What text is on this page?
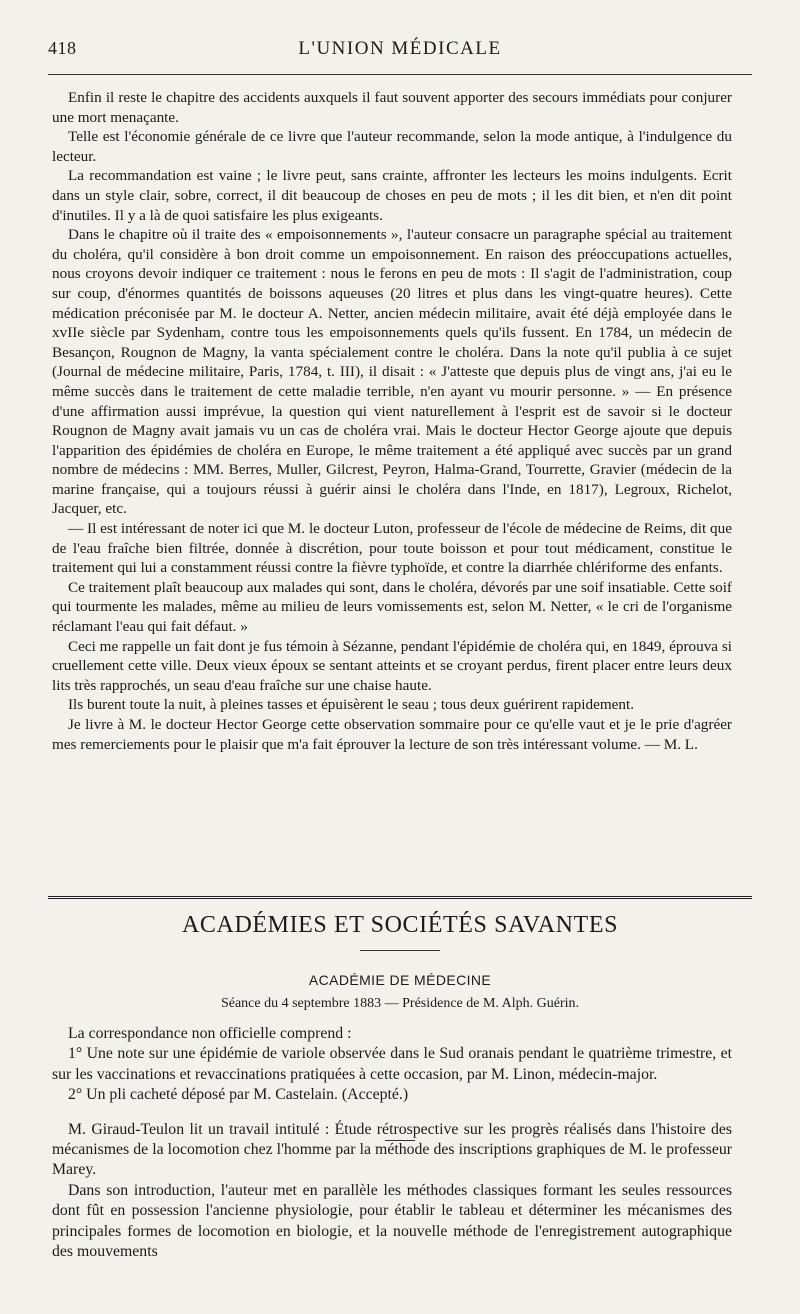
418	L'UNION MÉDICALE

Enfin il reste le chapitre des accidents auxquels il faut souvent apporter des secours immédiats pour conjurer une mort menaçante.

Telle est l'économie générale de ce livre que l'auteur recommande, selon la mode antique, à l'indulgence du lecteur.

La recommandation est vaine ; le livre peut, sans crainte, affronter les lecteurs les moins indulgents. Ecrit dans un style clair, sobre, correct, il dit beaucoup de choses en peu de mots ; il les dit bien, et n'en dit point d'inutiles. Il y a là de quoi satisfaire les plus exigeants.

Dans le chapitre où il traite des « empoisonnements », l'auteur consacre un paragraphe spécial au traitement du choléra, qu'il considère à bon droit comme un empoisonnement. En raison des préoccupations actuelles, nous croyons devoir indiquer ce traitement : nous le ferons en peu de mots : Il s'agit de l'administration, coup sur coup, d'énormes quantités de boissons aqueuses (20 litres et plus dans les vingt-quatre heures). Cette médication préconisée par M. le docteur A. Netter, ancien médecin militaire, avait été déjà employée dans le xvIIe siècle par Sydenham, contre tous les empoisonnements quels qu'ils fussent. En 1784, un médecin de Besançon, Rougnon de Magny, la vanta spécialement contre le choléra. Dans la note qu'il publia à ce sujet (Journal de médecine militaire, Paris, 1784, t. III), il disait : « J'atteste que depuis plus de vingt ans, j'ai eu le même succès dans le traitement de cette maladie terrible, n'en ayant vu mourir personne. » — En présence d'une affirmation aussi imprévue, la question qui vient naturellement à l'esprit est de savoir si le docteur Rougnon de Magny avait jamais vu un cas de choléra vrai. Mais le docteur Hector George ajoute que depuis l'apparition des épidémies de choléra en Europe, le même traitement a été appliqué avec succès par un grand nombre de médecins : MM. Berres, Muller, Gilcrest, Peyron, Halma-Grand, Tourrette, Gravier (médecin de la marine française, qui a toujours réussi à guérir ainsi le choléra dans l'Inde, en 1817), Legroux, Richelot, Jacquer, etc.

— Il est intéressant de noter ici que M. le docteur Luton, professeur de l'école de médecine de Reims, dit que de l'eau fraîche bien filtrée, donnée à discrétion, pour toute boisson et pour tout médicament, constitue le traitement qui lui a constamment réussi contre la fièvre typhoïde, et contre la diarrhée chlériforme des enfants.

Ce traitement plaît beaucoup aux malades qui sont, dans le choléra, dévorés par une soif insatiable. Cette soif qui tourmente les malades, même au milieu de leurs vomissements est, selon M. Netter, « le cri de l'organisme réclamant l'eau qui fait défaut. »

Ceci me rappelle un fait dont je fus témoin à Sézanne, pendant l'épidémie de choléra qui, en 1849, éprouva si cruellement cette ville. Deux vieux époux se sentant atteints et se croyant perdus, firent placer entre leurs deux lits très rapprochés, un seau d'eau fraîche sur une chaise haute.

Ils burent toute la nuit, à pleines tasses et épuisèrent le seau ; tous deux guérirent rapidement.

Je livre à M. le docteur Hector George cette observation sommaire pour ce qu'elle vaut et je le prie d'agréer mes remerciements pour le plaisir que m'a fait éprouver la lecture de son très intéressant volume. — M. L.

ACADÉMIES ET SOCIÉTÉS SAVANTES
ACADÉMIE DE MÉDECINE
Séance du 4 septembre 1883 — Présidence de M. Alph. Guérin.

La correspondance non officielle comprend :

1° Une note sur une épidémie de variole observée dans le Sud oranais pendant le quatrième trimestre, et sur les vaccinations et revaccinations pratiquées à cette occasion, par M. Linon, médecin-major.

2° Un pli cacheté déposé par M. Castelain. (Accepté.)

M. Giraud-Teulon lit un travail intitulé : Étude rétrospective sur les progrès réalisés dans l'histoire des mécanismes de la locomotion chez l'homme par la méthode des inscriptions graphiques de M. le professeur Marey.

Dans son introduction, l'auteur met en parallèle les méthodes classiques formant les seules ressources dont fût en possession l'ancienne physiologie, pour établir le tableau et déterminer les mécanismes des principales formes de locomotion en biologie, et la nouvelle méthode de l'enregistrement autographique des mouvements
